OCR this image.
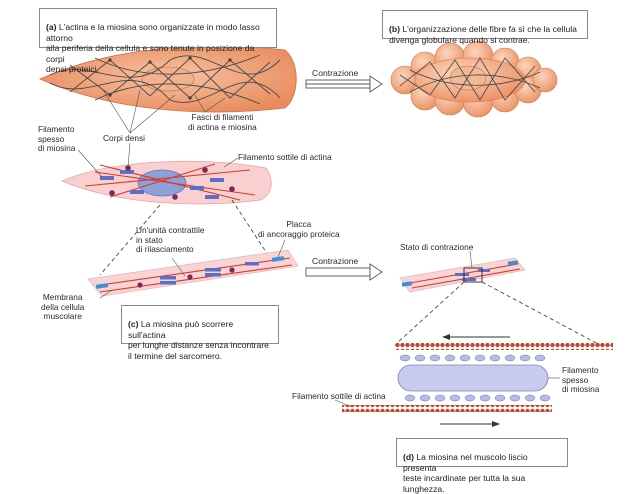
(a) L'actina e la miosina sono organizzate in modo lasso attorno
alla periferia della cellula e sono tenute in posizione da corpi
densi proteici.

(b) L'organizzazione delle fibre fa sì che la cellula
divenga globulare quando si contrae.

Contrazione
Filamento
spesso
di miosina
Corpi densi
Fasci di filamenti
di actina e miosina
Filamento sottile di actina
Un'unità contrattile
in stato
di rilasciamento
Placca
di ancoraggio proteica
Contrazione
Stato di contrazione
Membrana
della cellula
muscolare

(c) La miosina può scorrere sull'actina
per lunghe distanze senza incontrare
il termine del sarcomero.

Filamento
spesso
di miosina
Filamento sottile di actina

(d) La miosina nel muscolo liscio presenta
teste incardinate per tutta la sua lunghezza.
